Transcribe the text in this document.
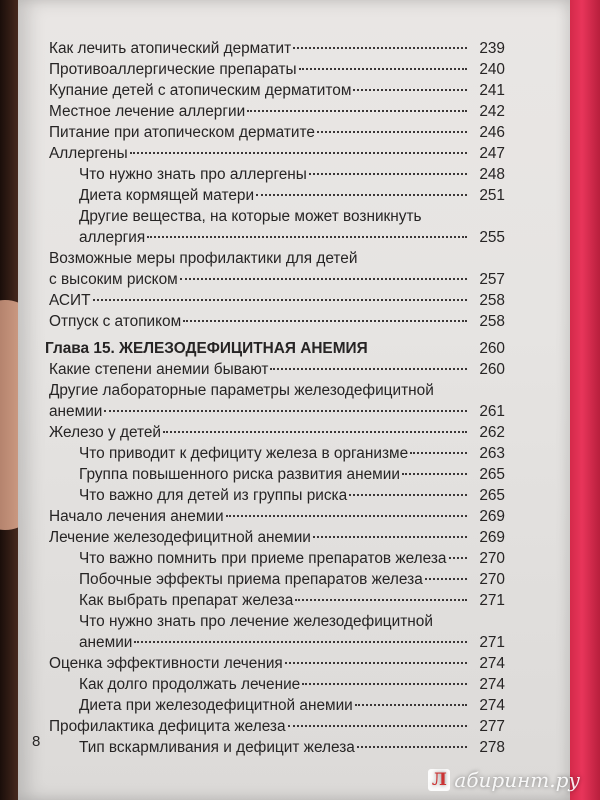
Как лечить атопический дерматит	239
Противоаллергические препараты	240
Купание детей с атопическим дерматитом	241
Местное лечение аллергии	242
Питание при атопическом дерматите	246
Аллергены	247
Что нужно знать про аллергены	248
Диета кормящей матери	251
Другие вещества, на которые может возникнуть
аллергия	255
Возможные меры профилактики для детей
с высоким риском	257
АСИТ	258
Отпуск с атопиком	258
Глава 15. ЖЕЛЕЗОДЕФИЦИТНАЯ АНЕМИЯ	260
Какие степени анемии бывают	260
Другие лабораторные параметры железодефицитной
анемии	261
Железо у детей	262
Что приводит к дефициту железа в организме	263
Группа повышенного риска развития анемии	265
Что важно для детей из группы риска	265
Начало лечения анемии	269
Лечение железодефицитной анемии	269
Что важно помнить при приеме препаратов железа	270
Побочные эффекты приема препаратов железа	270
Как выбрать препарат железа	271
Что нужно знать про лечение железодефицитной
анемии	271
Оценка эффективности лечения	274
Как долго продолжать лечение	274
Диета при железодефицитной анемии	274
Профилактика дефицита железа	277
Тип вскармливания и дефицит железа	278
8
Л абиринт.ру
